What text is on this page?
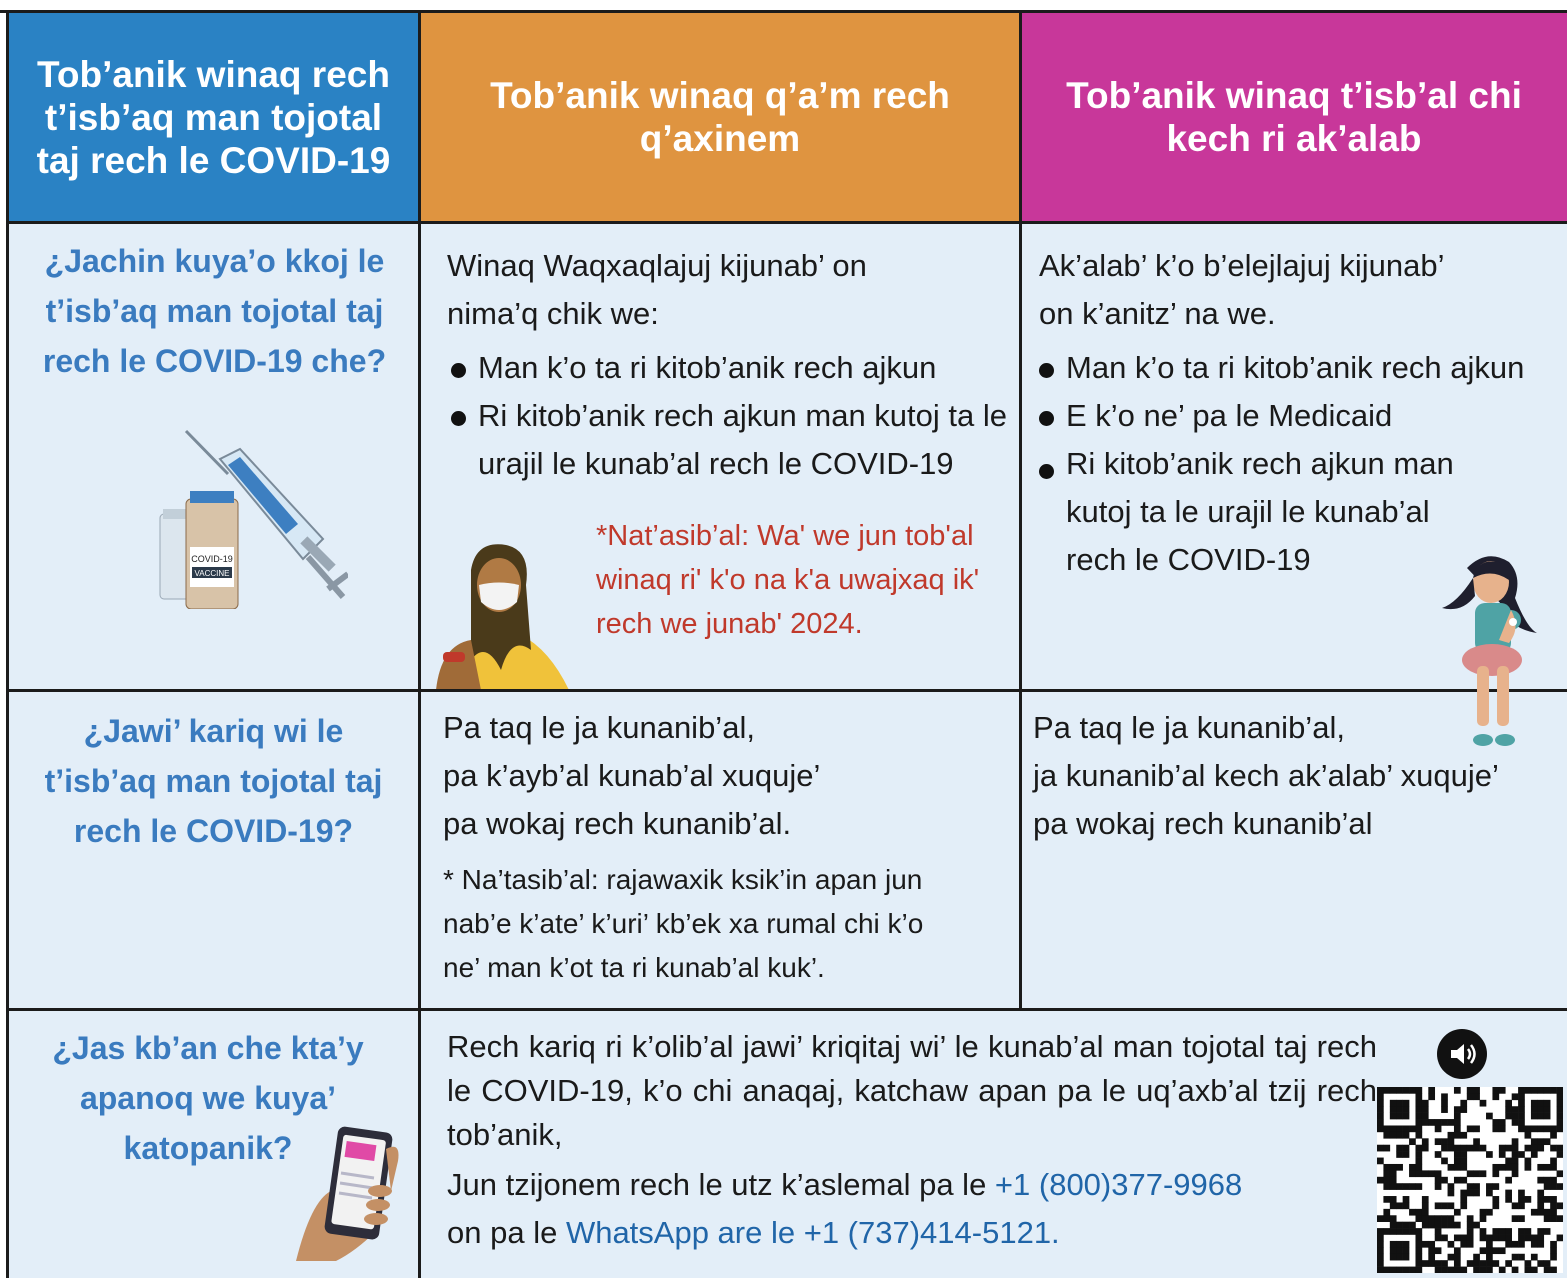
Tob’anik winaq rech t’isb’aq man tojotal taj rech le COVID-19
Tob’anik winaq q’a’m rech q’axinem
Tob’anik winaq t’isb’al chi kech ri ak’alab
¿Jachin kuya’o kkoj le t’isb’aq man tojotal taj rech le COVID-19 che?
COVID-19
VACCINE
Winaq Waqxaqlajuj kijunab’ on nima’q chik we:
Man k’o ta ri kitob’anik rech ajkun
Ri kitob’anik rech ajkun man kutoj ta le urajil le kunab’al rech le COVID-19
*Nat’asib’al: Wa' we jun tob'al winaq ri' k'o na k'a uwajxaq ik' rech we junab' 2024.
Ak’alab’ k’o b’elejlajuj kijunab’ on k’anitz’ na we.
Man k’o ta ri kitob’anik rech ajkun
E k’o ne’ pa le Medicaid
Ri kitob’anik rech ajkun man kutoj ta le urajil le kunab’al rech le COVID-19
¿Jawi’ kariq wi le t’isb’aq man tojotal taj rech le COVID-19?
Pa taq le ja kunanib’al,
pa k’ayb’al kunab’al xuquje’
pa wokaj rech kunanib’al.
* Na’tasib’al: rajawaxik ksik’in apan jun nab’e k’ate’ k’uri’ kb’ek xa rumal chi k’o ne’ man k’ot ta ri kunab’al kuk’.
Pa taq le ja kunanib’al,
ja kunanib’al kech ak’alab’ xuquje’
pa wokaj rech kunanib’al
¿Jas kb’an che kta’y apanoq we kuya’ katopanik?
Rech kariq ri k’olib’al jawi’ kriqitaj wi’ le kunab’al man tojotal taj rech le COVID-19, k’o chi anaqaj, katchaw apan pa le uq’axb’al tzij rech tob’anik,
Jun tzijonem rech le utz k’aslemal pa le +1 (800)377-9968
on pa le WhatsApp are le +1 (737)414-5121.
